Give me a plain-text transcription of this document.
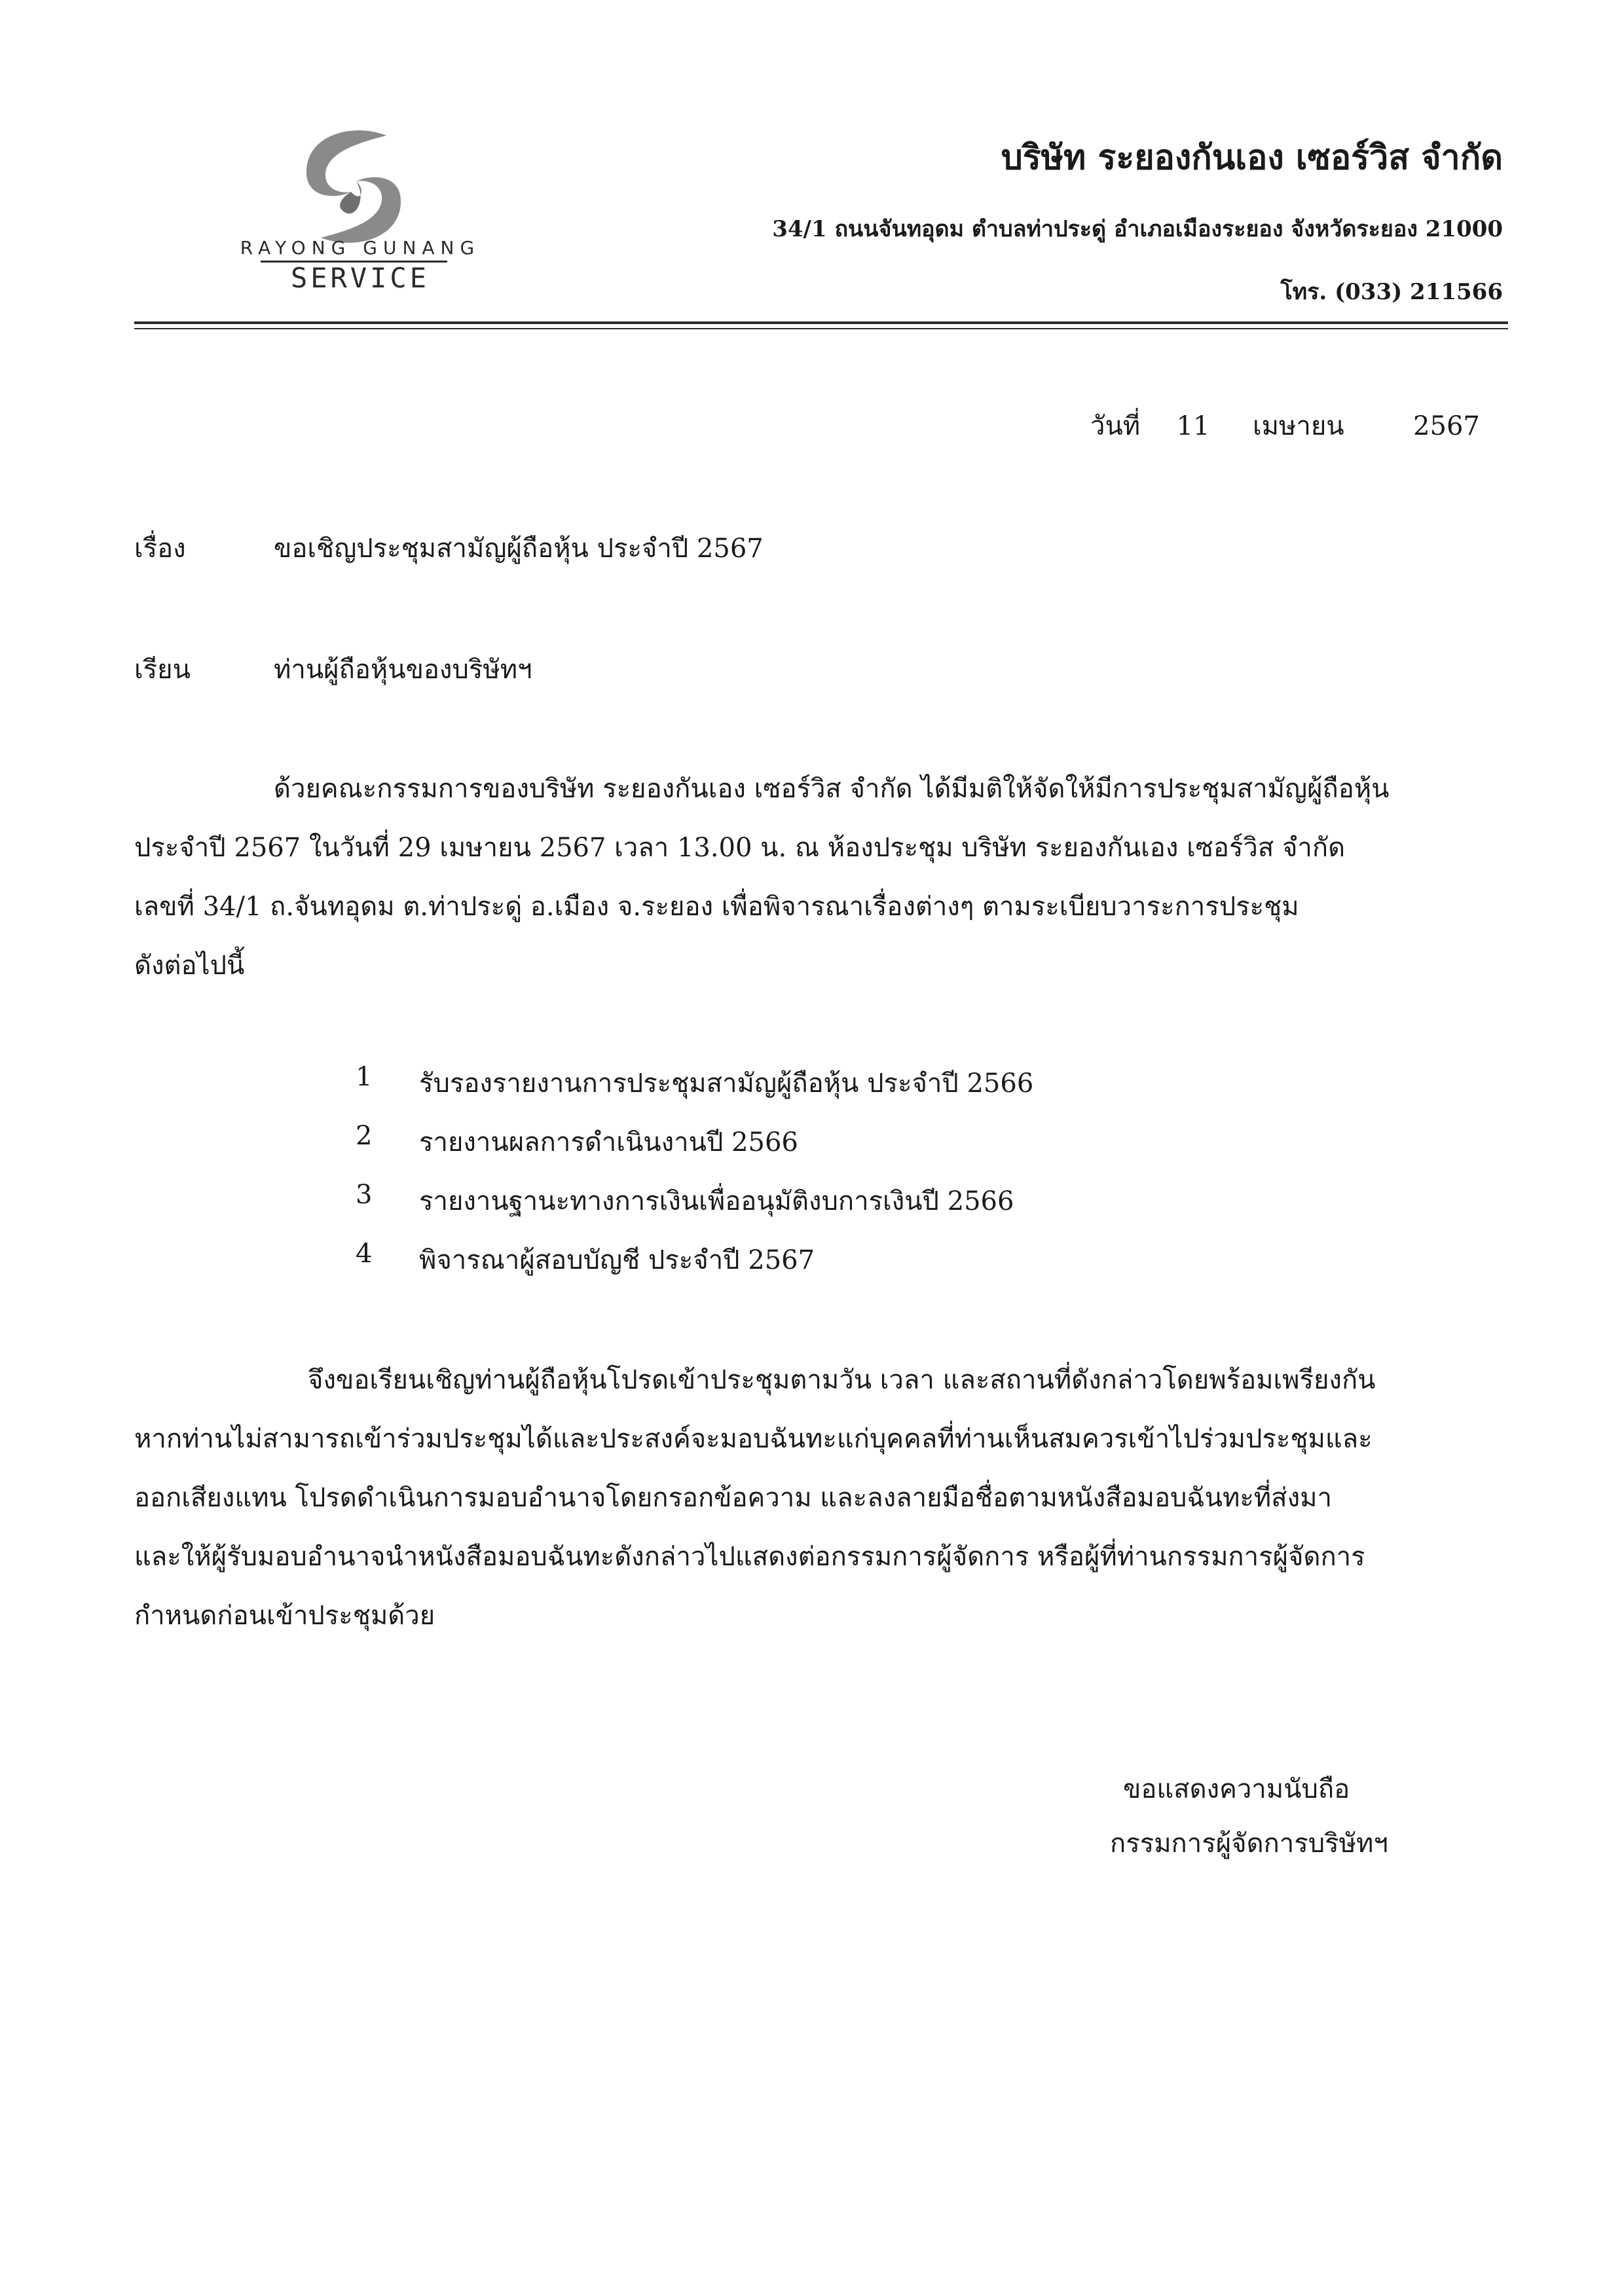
RAYONG GUNANG
SERVICE
บริษัท ระยองกันเอง เซอร์วิส จำกัด
34/1 ถนนจันทอุดม ตำบลท่าประดู่ อำเภอเมืองระยอง จังหวัดระยอง 21000
โทร. (033) 211566
วันที่ 11 เมษายน	2567
เรื่อง	ขอเชิญประชุมสามัญผู้ถือหุ้น ประจำปี 2567
เรียน	ท่านผู้ถือหุ้นของบริษัทฯ
ด้วยคณะกรรมการของบริษัท ระยองกันเอง เซอร์วิส จำกัด ได้มีมติให้จัดให้มีการประชุมสามัญผู้ถือหุ้น
ประจำปี 2567 ในวันที่ 29 เมษายน 2567 เวลา 13.00 น. ณ ห้องประชุม บริษัท ระยองกันเอง เซอร์วิส จำกัด
เลขที่ 34/1 ถ.จันทอุดม ต.ท่าประดู่ อ.เมือง จ.ระยอง เพื่อพิจารณาเรื่องต่างๆ ตามระเบียบวาระการประชุม
ดังต่อไปนี้
1 รับรองรายงานการประชุมสามัญผู้ถือหุ้น ประจำปี 2566
2 รายงานผลการดำเนินงานปี 2566
3 รายงานฐานะทางการเงินเพื่ออนุมัติงบการเงินปี 2566
4 พิจารณาผู้สอบบัญชี ประจำปี 2567
จึงขอเรียนเชิญท่านผู้ถือหุ้นโปรดเข้าประชุมตามวัน เวลา และสถานที่ดังกล่าวโดยพร้อมเพรียงกัน
หากท่านไม่สามารถเข้าร่วมประชุมได้และประสงค์จะมอบฉันทะแก่บุคคลที่ท่านเห็นสมควรเข้าไปร่วมประชุมและ
ออกเสียงแทน โปรดดำเนินการมอบอำนาจโดยกรอกข้อความ และลงลายมือชื่อตามหนังสือมอบฉันทะที่ส่งมา
และให้ผู้รับมอบอำนาจนำหนังสือมอบฉันทะดังกล่าวไปแสดงต่อกรรมการผู้จัดการ หรือผู้ที่ท่านกรรมการผู้จัดการ
กำหนดก่อนเข้าประชุมด้วย
ขอแสดงความนับถือ
กรรมการผู้จัดการบริษัทฯ
